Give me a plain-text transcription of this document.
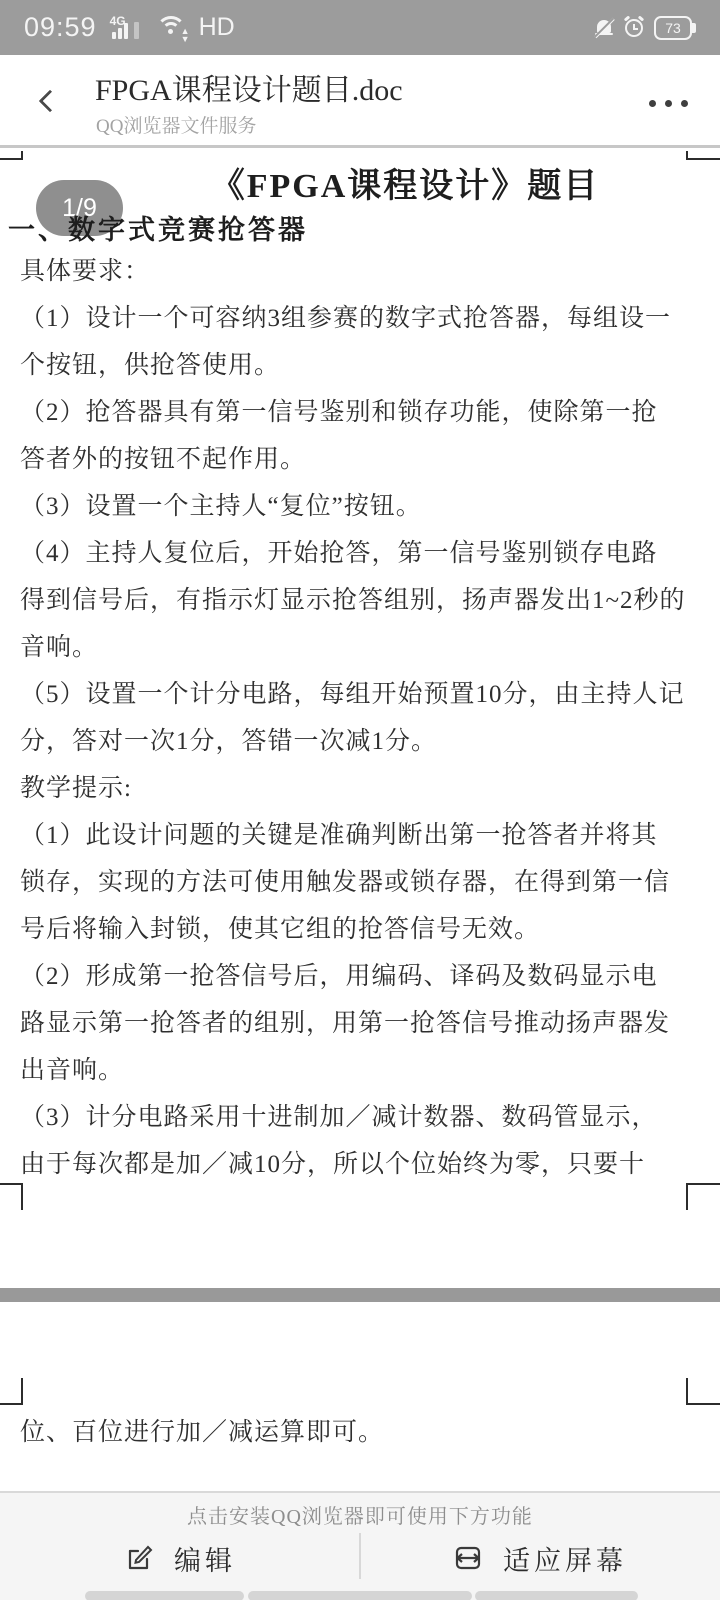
09:59 4G
▲
▼ HD	73
FPGA课程设计题目.doc
QQ浏览器文件服务
《FPGA课程设计》题目
1/9
一、数字式竞赛抢答器
具体要求：
（1）设计一个可容纳3组参赛的数字式抢答器，每组设一
个按钮，供抢答使用。
（2）抢答器具有第一信号鉴别和锁存功能，使除第一抢
答者外的按钮不起作用。
（3）设置一个主持人“复位”按钮。
（4）主持人复位后，开始抢答，第一信号鉴别锁存电路
得到信号后，有指示灯显示抢答组别，扬声器发出1~2秒的
音响。
（5）设置一个计分电路，每组开始预置10分，由主持人记
分，答对一次1分，答错一次减1分。
教学提示:
（1）此设计问题的关键是准确判断出第一抢答者并将其
锁存，实现的方法可使用触发器或锁存器，在得到第一信
号后将输入封锁，使其它组的抢答信号无效。
（2）形成第一抢答信号后，用编码、译码及数码显示电
路显示第一抢答者的组别，用第一抢答信号推动扬声器发
出音响。
（3）计分电路采用十进制加／减计数器、数码管显示，
由于每次都是加／减10分，所以个位始终为零，只要十
位、百位进行加／减运算即可。
点击安装QQ浏览器即可使用下方功能
编辑	适应屏幕
